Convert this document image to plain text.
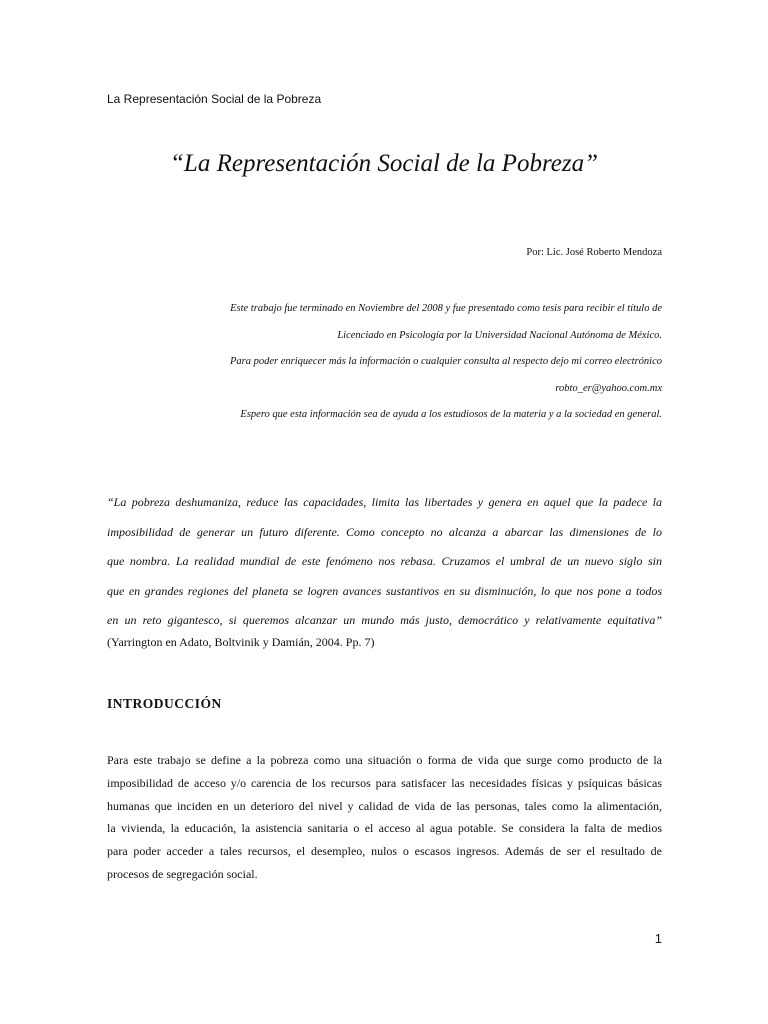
La Representación Social de la Pobreza
“La Representación Social de la Pobreza”
Por: Lic. José Roberto Mendoza
Este trabajo fue terminado en Noviembre del 2008 y fue presentado como tesis para recibir el título de
Licenciado en Psicología por la Universidad Nacional Autónoma de México.
Para poder enriquecer más la información o cualquier consulta al respecto dejo mi correo electrónico
robto_er@yahoo.com.mx
Espero que esta información sea de ayuda a los estudiosos de la materia y a la sociedad en general.
“La pobreza deshumaniza, reduce las capacidades, limita las libertades y genera en aquel que la padece la
imposibilidad de generar un futuro diferente. Como concepto no alcanza a abarcar las dimensiones de lo
que nombra. La realidad mundial de este fenómeno nos rebasa. Cruzamos el umbral de un nuevo siglo sin
que en grandes regiones del planeta se logren avances sustantivos en su disminución, lo que nos pone a todos
en un reto gigantesco, si queremos alcanzar un mundo más justo, democrático y relativamente equitativa”
(Yarrington en Adato, Boltvinik y Damián, 2004. Pp. 7)
INTRODUCCIÓN
Para este trabajo se define a la pobreza como una situación o forma de vida que surge como producto de la
imposibilidad de acceso y/o carencia de los recursos para satisfacer las necesidades físicas y psíquicas básicas
humanas que inciden en un deterioro del nivel y calidad de vida de las personas, tales como la alimentación,
la vivienda, la educación, la asistencia sanitaria o el acceso al agua potable. Se considera la falta de medios
para poder acceder a tales recursos, el desempleo, nulos o escasos ingresos. Además de ser el resultado de
procesos de segregación social.
1
